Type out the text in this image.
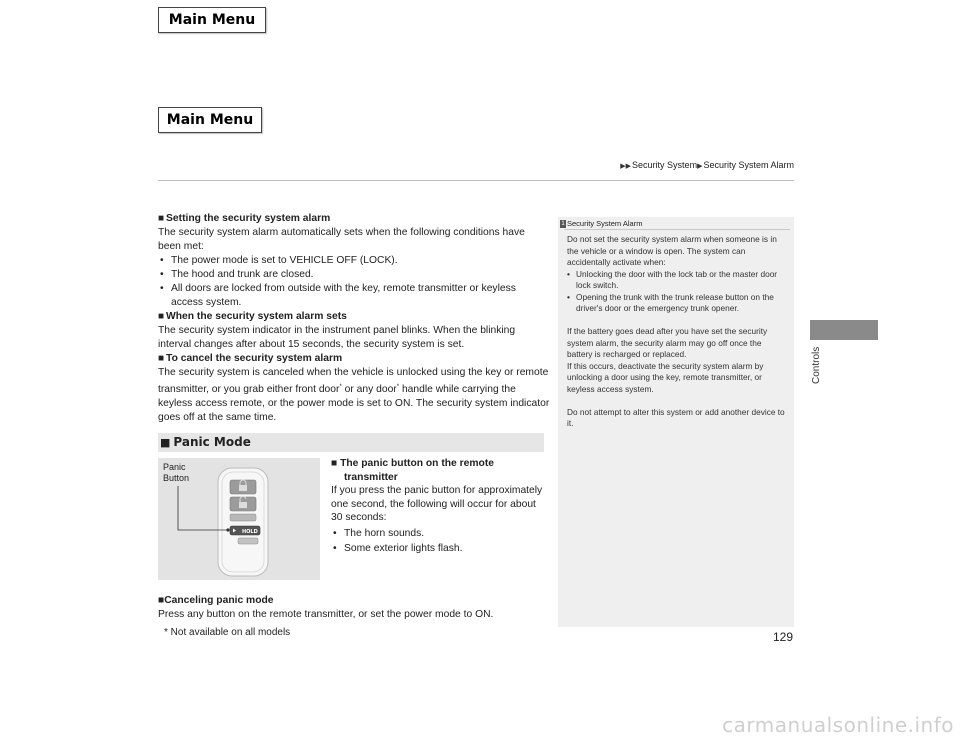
Main Menu
Main Menu
▶▶Security System▶Security System Alarm
Controls
■ Setting the security system alarm

The security system alarm automatically sets when the following conditions have been met:

• The power mode is set to VEHICLE OFF (LOCK).
• The hood and trunk are closed.
• All doors are locked from outside with the key, remote transmitter or keyless access system.
■ When the security system alarm sets

The security system indicator in the instrument panel blinks. When the blinking interval changes after about 15 seconds, the security system is set.

■ To cancel the security system alarm

The security system is canceled when the vehicle is unlocked using the key or remote transmitter, or you grab either front door* or any door* handle while carrying the keyless access remote, or the power mode is set to ON. The security system indicator goes off at the same time.

■ Panic Mode
HOLD
Panic
Button
■ The panic button on the remote transmitter

If you press the panic button for approximately one second, the following will occur for about 30 seconds:

• The horn sounds.
• Some exterior lights flash.
■Canceling panic mode

Press any button on the remote transmitter, or set the power mode to ON.

1 Security System Alarm

Do not set the security system alarm when someone is in the vehicle or a window is open. The system can accidentally activate when:

• Unlocking the door with the lock tab or the master door lock switch.
• Opening the trunk with the trunk release button on the driver's door or the emergency trunk opener.

If the battery goes dead after you have set the security system alarm, the security alarm may go off once the battery is recharged or replaced.

If this occurs, deactivate the security system alarm by unlocking a door using the key, remote transmitter, or keyless access system.

Do not attempt to alter this system or add another device to it.

* Not available on all models	129
carmanualsonline.info
